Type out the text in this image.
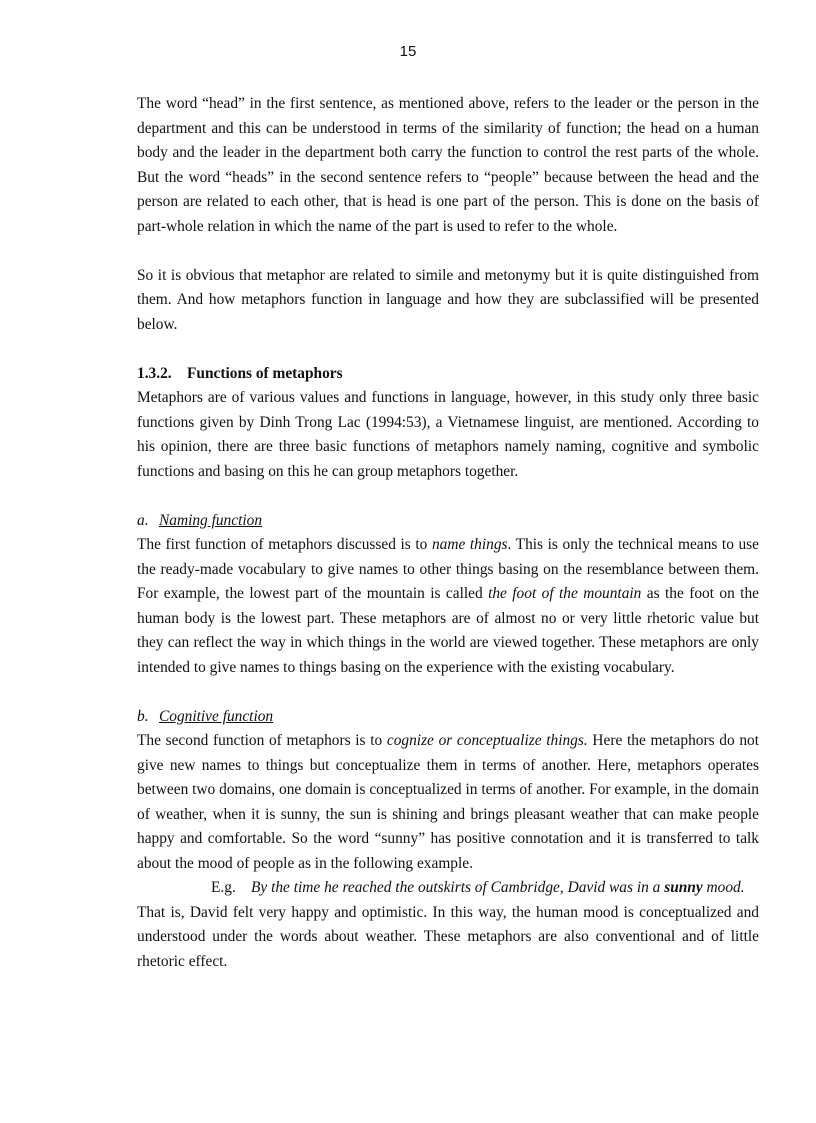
15

The word “head” in the first sentence, as mentioned above, refers to the leader or the person in the department and this can be understood in terms of the similarity of function; the head on a human body and the leader in the department both carry the function to control the rest parts of the whole. But the word “heads” in the second sentence refers to “people” because between the head and the person are related to each other, that is head is one part of the person. This is done on the basis of part-whole relation in which the name of the part is used to refer to the whole.

So it is obvious that metaphor are related to simile and metonymy but it is quite distinguished from them. And how metaphors function in language and how they are subclassified will be presented below.

1.3.2. Functions of metaphors

Metaphors are of various values and functions in language, however, in this study only three basic functions given by Dinh Trong Lac (1994:53), a Vietnamese linguist, are mentioned. According to his opinion, there are three basic functions of metaphors namely naming, cognitive and symbolic functions and basing on this he can group metaphors together.

a. Naming function

The first function of metaphors discussed is to name things. This is only the technical means to use the ready-made vocabulary to give names to other things basing on the resemblance between them. For example, the lowest part of the mountain is called the foot of the mountain as the foot on the human body is the lowest part. These metaphors are of almost no or very little rhetoric value but they can reflect the way in which things in the world are viewed together. These metaphors are only intended to give names to things basing on the experience with the existing vocabulary.

b. Cognitive function

The second function of metaphors is to cognize or conceptualize things. Here the metaphors do not give new names to things but conceptualize them in terms of another. Here, metaphors operates between two domains, one domain is conceptualized in terms of another. For example, in the domain of weather, when it is sunny, the sun is shining and brings pleasant weather that can make people happy and comfortable. So the word “sunny” has positive connotation and it is transferred to talk about the mood of people as in the following example.

E.g. By the time he reached the outskirts of Cambridge, David was in a sunny mood.

That is, David felt very happy and optimistic. In this way, the human mood is conceptualized and understood under the words about weather. These metaphors are also conventional and of little rhetoric effect.
